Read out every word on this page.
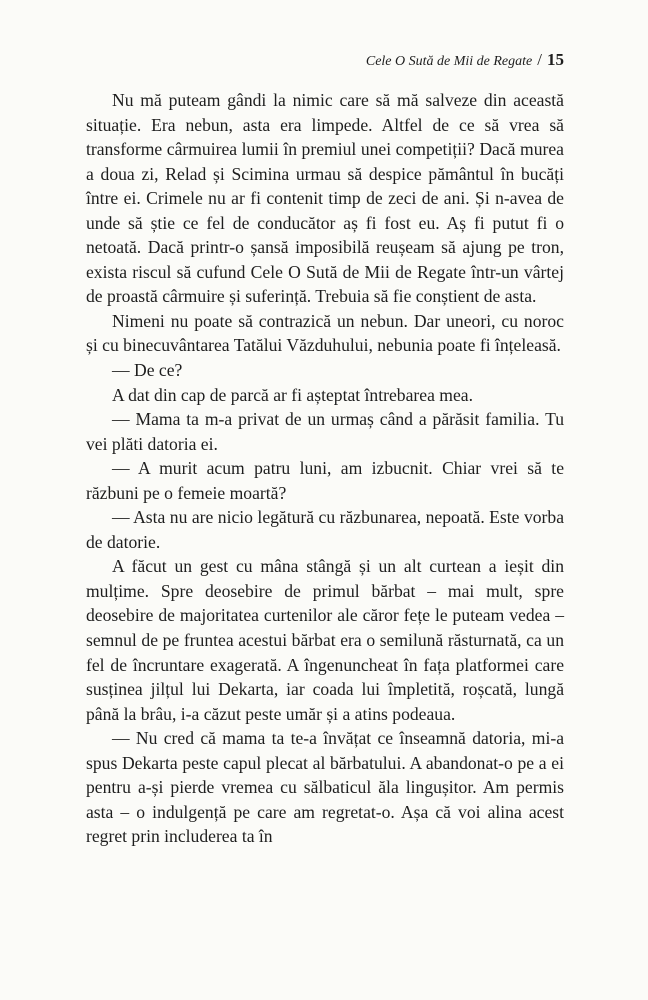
Cele O Sută de Mii de Regate / 15

Nu mă puteam gândi la nimic care să mă salveze din această situație. Era nebun, asta era limpede. Altfel de ce să vrea să transforme cârmuirea lumii în premiul unei competiții? Dacă murea a doua zi, Relad și Scimina urmau să despice pământul în bucăți între ei. Crimele nu ar fi contenit timp de zeci de ani. Și n-avea de unde să știe ce fel de conducător aș fi fost eu. Aș fi putut fi o netoată. Dacă printr-o șansă imposibilă reușeam să ajung pe tron, exista riscul să cufund Cele O Sută de Mii de Regate într-un vârtej de proastă cârmuire și suferință. Trebuia să fie conștient de asta.

Nimeni nu poate să contrazică un nebun. Dar uneori, cu noroc și cu binecuvântarea Tatălui Văzduhului, nebunia poate fi înțeleasă.

— De ce?

A dat din cap de parcă ar fi așteptat întrebarea mea.

— Mama ta m-a privat de un urmaș când a părăsit familia. Tu vei plăti datoria ei.

— A murit acum patru luni, am izbucnit. Chiar vrei să te răzbuni pe o femeie moartă?

— Asta nu are nicio legătură cu răzbunarea, nepoată. Este vorba de datorie.

A făcut un gest cu mâna stângă și un alt curtean a ieșit din mulțime. Spre deosebire de primul bărbat – mai mult, spre deosebire de majoritatea curtenilor ale căror fețe le puteam vedea – semnul de pe fruntea acestui bărbat era o semilună răsturnată, ca un fel de încruntare exagerată. A îngenuncheat în fața platformei care susținea jilțul lui Dekarta, iar coada lui împletită, roșcată, lungă până la brâu, i-a căzut peste umăr și a atins podeaua.

— Nu cred că mama ta te-a învățat ce înseamnă datoria, mi-a spus Dekarta peste capul plecat al bărbatului. A abandonat-o pe a ei pentru a-și pierde vremea cu sălbaticul ăla lingușitor. Am permis asta – o indulgență pe care am regretat-o. Așa că voi alina acest regret prin includerea ta în
